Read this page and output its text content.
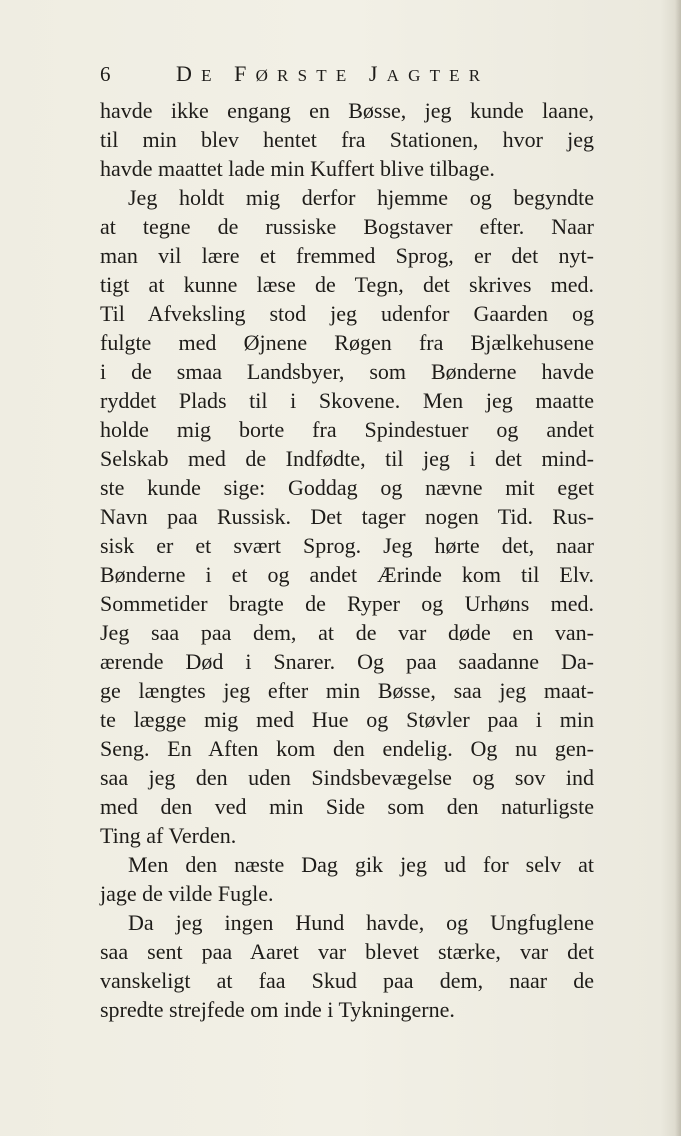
6	DE FØRSTE JAGTER
havde ikke engang en Bøsse, jeg kunde laane,
til min blev hentet fra Stationen, hvor jeg
havde maattet lade min Kuffert blive tilbage.
Jeg holdt mig derfor hjemme og begyndte
at tegne de russiske Bogstaver efter. Naar
man vil lære et fremmed Sprog, er det nyt-
tigt at kunne læse de Tegn, det skrives med.
Til Afveksling stod jeg udenfor Gaarden og
fulgte med Øjnene Røgen fra Bjælkehusene
i de smaa Landsbyer, som Bønderne havde
ryddet Plads til i Skovene. Men jeg maatte
holde mig borte fra Spindestuer og andet
Selskab med de Indfødte, til jeg i det mind-
ste kunde sige: Goddag og nævne mit eget
Navn paa Russisk. Det tager nogen Tid. Rus-
sisk er et svært Sprog. Jeg hørte det, naar
Bønderne i et og andet Ærinde kom til Elv.
Sommetider bragte de Ryper og Urhøns med.
Jeg saa paa dem, at de var døde en van-
ærende Død i Snarer. Og paa saadanne Da-
ge længtes jeg efter min Bøsse, saa jeg maat-
te lægge mig med Hue og Støvler paa i min
Seng. En Aften kom den endelig. Og nu gen-
saa jeg den uden Sindsbevægelse og sov ind
med den ved min Side som den naturligste
Ting af Verden.
Men den næste Dag gik jeg ud for selv at
jage de vilde Fugle.
Da jeg ingen Hund havde, og Ungfuglene
saa sent paa Aaret var blevet stærke, var det
vanskeligt at faa Skud paa dem, naar de
spredte strejfede om inde i Tykningerne.
